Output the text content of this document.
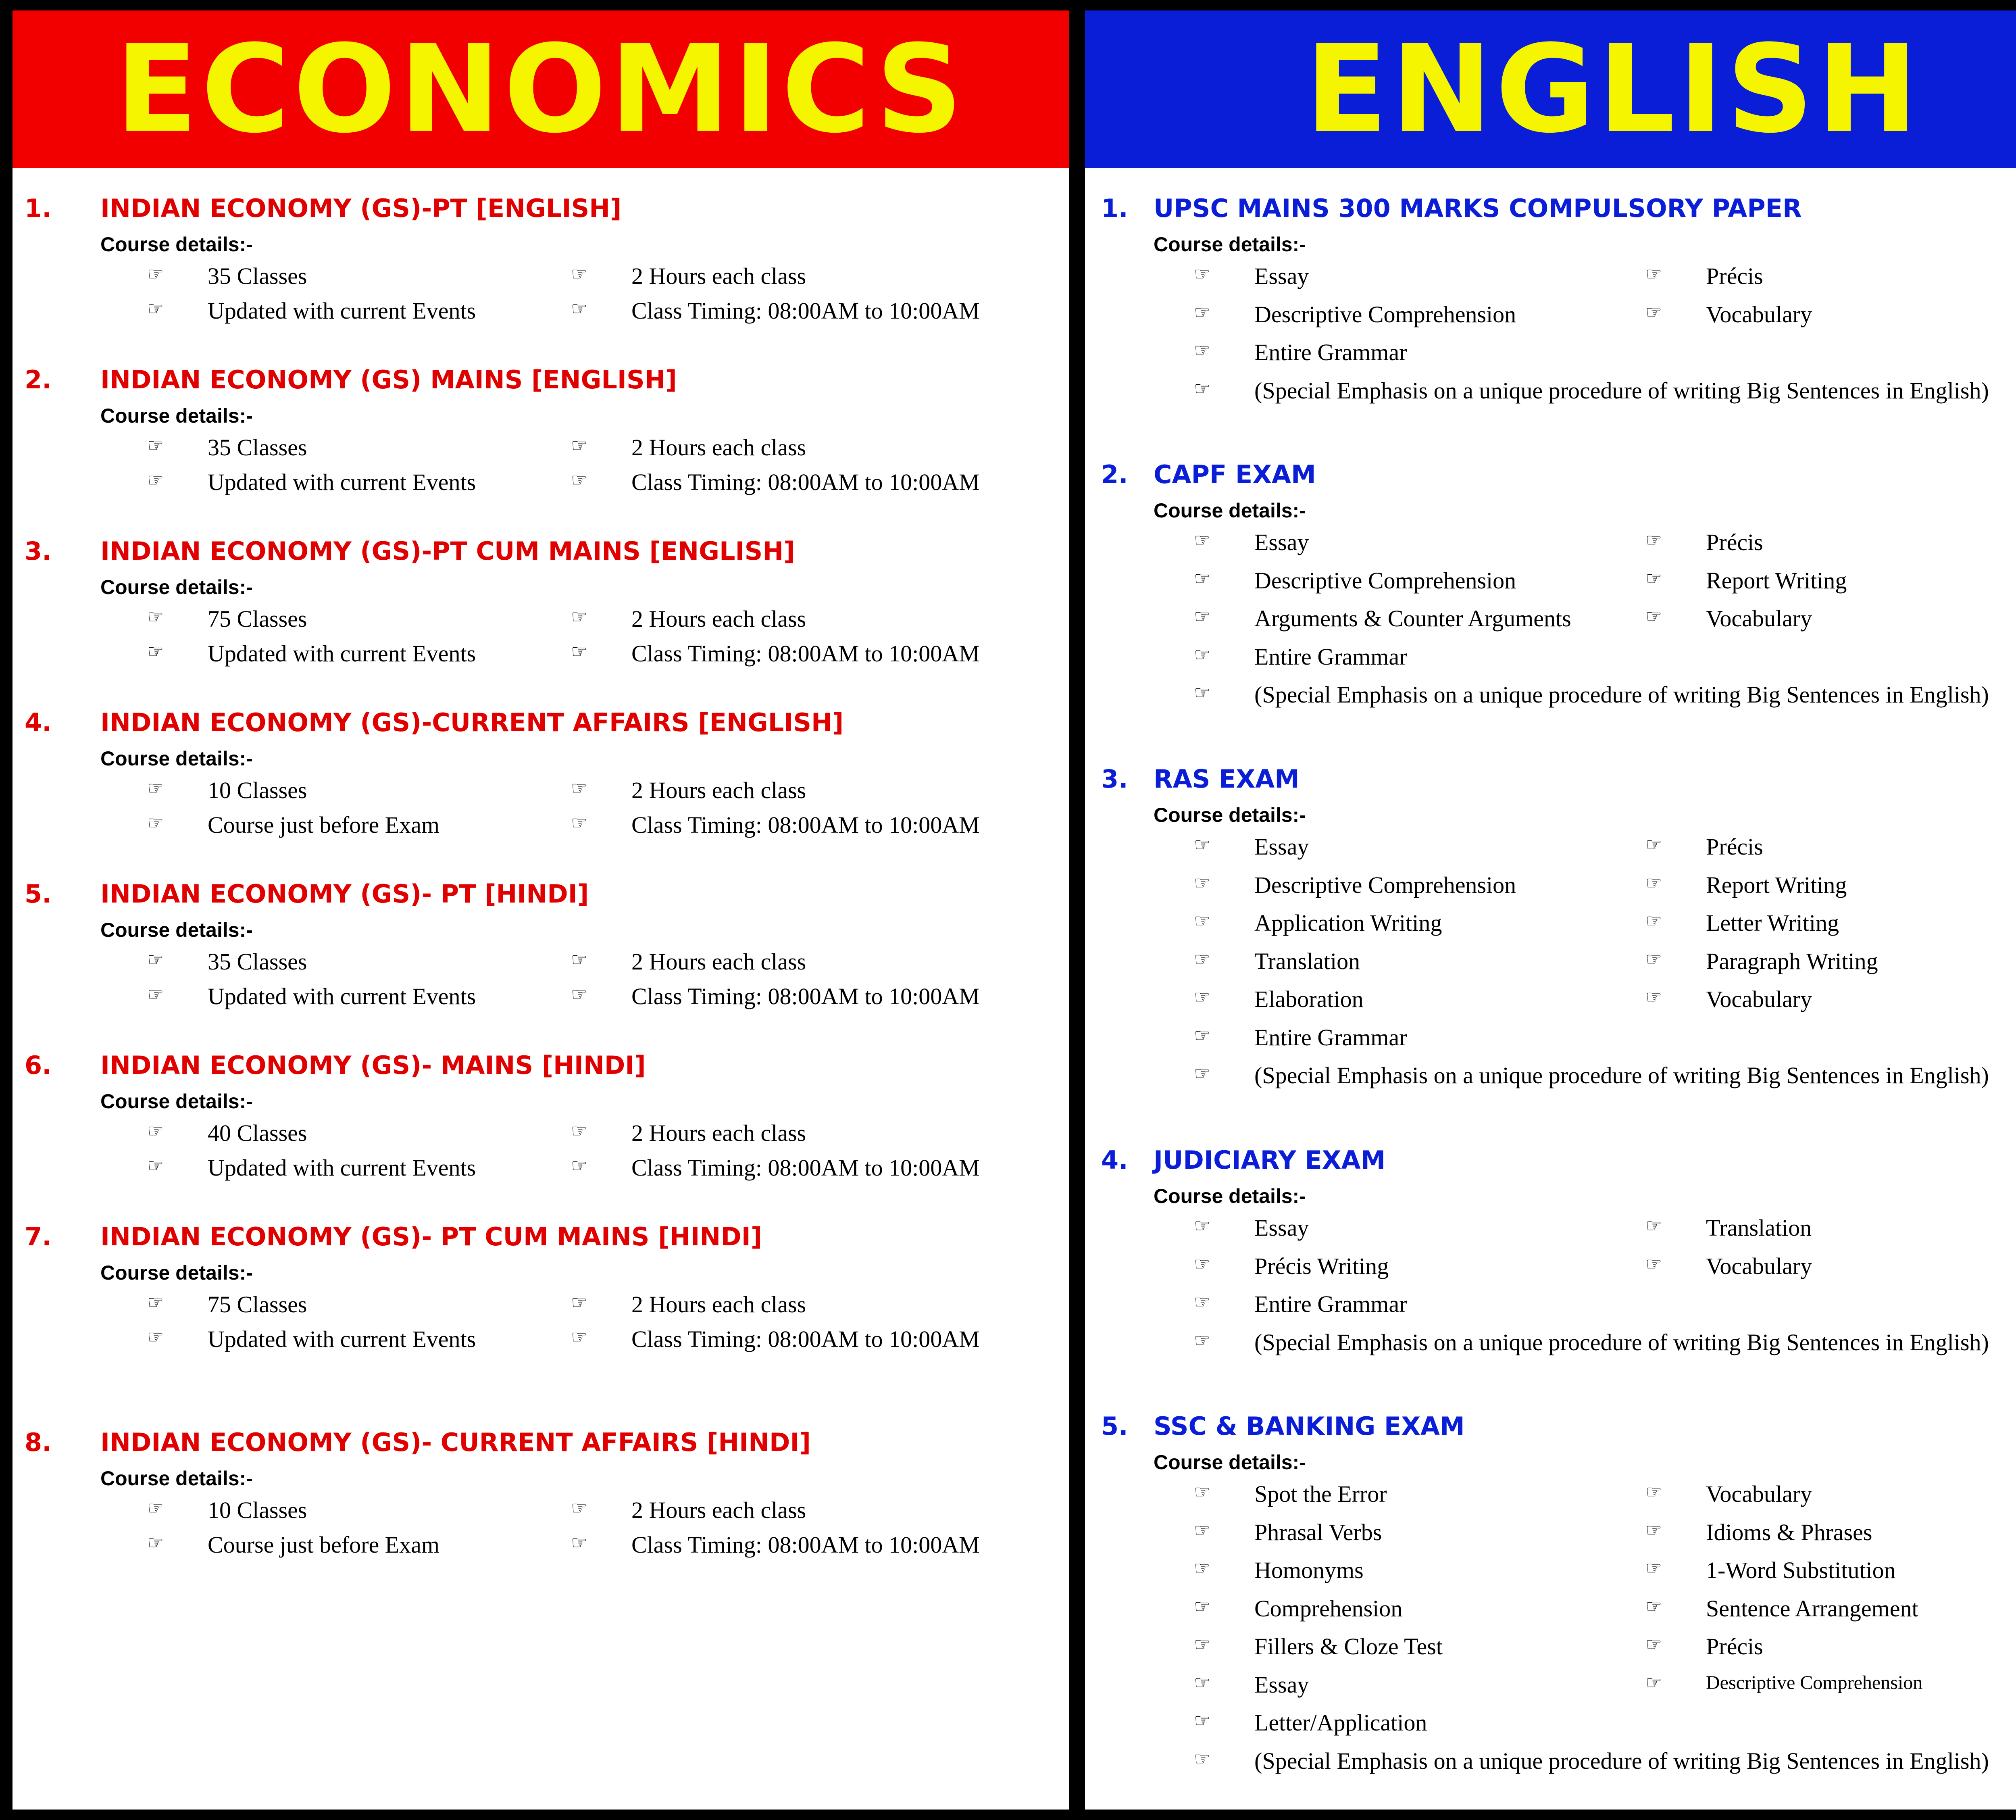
ECONOMICS
1. INDIAN ECONOMY (GS)-PT [ENGLISH]
Course details:-
☞ 35 Classes
☞ Updated with current Events
☞ 2 Hours each class
☞ Class Timing: 08:00AM to 10:00AM
2. INDIAN ECONOMY (GS) MAINS [ENGLISH]
Course details:-
☞ 35 Classes
☞ Updated with current Events
☞ 2 Hours each class
☞ Class Timing: 08:00AM to 10:00AM
3. INDIAN ECONOMY (GS)-PT CUM MAINS [ENGLISH]
Course details:-
☞ 75 Classes
☞ Updated with current Events
☞ 2 Hours each class
☞ Class Timing: 08:00AM to 10:00AM
4. INDIAN ECONOMY (GS)-CURRENT AFFAIRS [ENGLISH]
Course details:-
☞ 10 Classes
☞ Course just before Exam
☞ 2 Hours each class
☞ Class Timing: 08:00AM to 10:00AM
5. INDIAN ECONOMY (GS)- PT [HINDI]
Course details:-
☞ 35 Classes
☞ Updated with current Events
☞ 2 Hours each class
☞ Class Timing: 08:00AM to 10:00AM
6. INDIAN ECONOMY (GS)- MAINS [HINDI]
Course details:-
☞ 40 Classes
☞ Updated with current Events
☞ 2 Hours each class
☞ Class Timing: 08:00AM to 10:00AM
7. INDIAN ECONOMY (GS)- PT CUM MAINS [HINDI]
Course details:-
☞ 75 Classes
☞ Updated with current Events
☞ 2 Hours each class
☞ Class Timing: 08:00AM to 10:00AM
8. INDIAN ECONOMY (GS)- CURRENT AFFAIRS [HINDI]
Course details:-
☞ 10 Classes
☞ Course just before Exam
☞ 2 Hours each class
☞ Class Timing: 08:00AM to 10:00AM
ENGLISH
1. UPSC MAINS 300 MARKS COMPULSORY PAPER
Course details:-
☞ Essay
☞ Descriptive Comprehension
☞ Entire Grammar
☞ Précis
☞ Vocabulary
☞ (Special Emphasis on a unique procedure of writing Big Sentences in English)
2. CAPF EXAM
Course details:-
☞ Essay
☞ Descriptive Comprehension
☞ Arguments & Counter Arguments
☞ Entire Grammar
☞ Précis
☞ Report Writing
☞ Vocabulary
☞ (Special Emphasis on a unique procedure of writing Big Sentences in English)
3. RAS EXAM
Course details:-
☞ Essay
☞ Descriptive Comprehension
☞ Application Writing
☞ Translation
☞ Elaboration
☞ Entire Grammar
☞ Précis
☞ Report Writing
☞ Letter Writing
☞ Paragraph Writing
☞ Vocabulary
☞ (Special Emphasis on a unique procedure of writing Big Sentences in English)
4. JUDICIARY EXAM
Course details:-
☞ Essay
☞ Précis Writing
☞ Entire Grammar
☞ Translation
☞ Vocabulary
☞ (Special Emphasis on a unique procedure of writing Big Sentences in English)
5. SSC & BANKING EXAM
Course details:-
☞ Spot the Error
☞ Phrasal Verbs
☞ Homonyms
☞ Comprehension
☞ Fillers & Cloze Test
☞ Essay
☞ Letter/Application
☞ Vocabulary
☞ Idioms & Phrases
☞ 1-Word Substitution
☞ Sentence Arrangement
☞ Précis
☞ Descriptive Comprehension
☞ (Special Emphasis on a unique procedure of writing Big Sentences in English)
